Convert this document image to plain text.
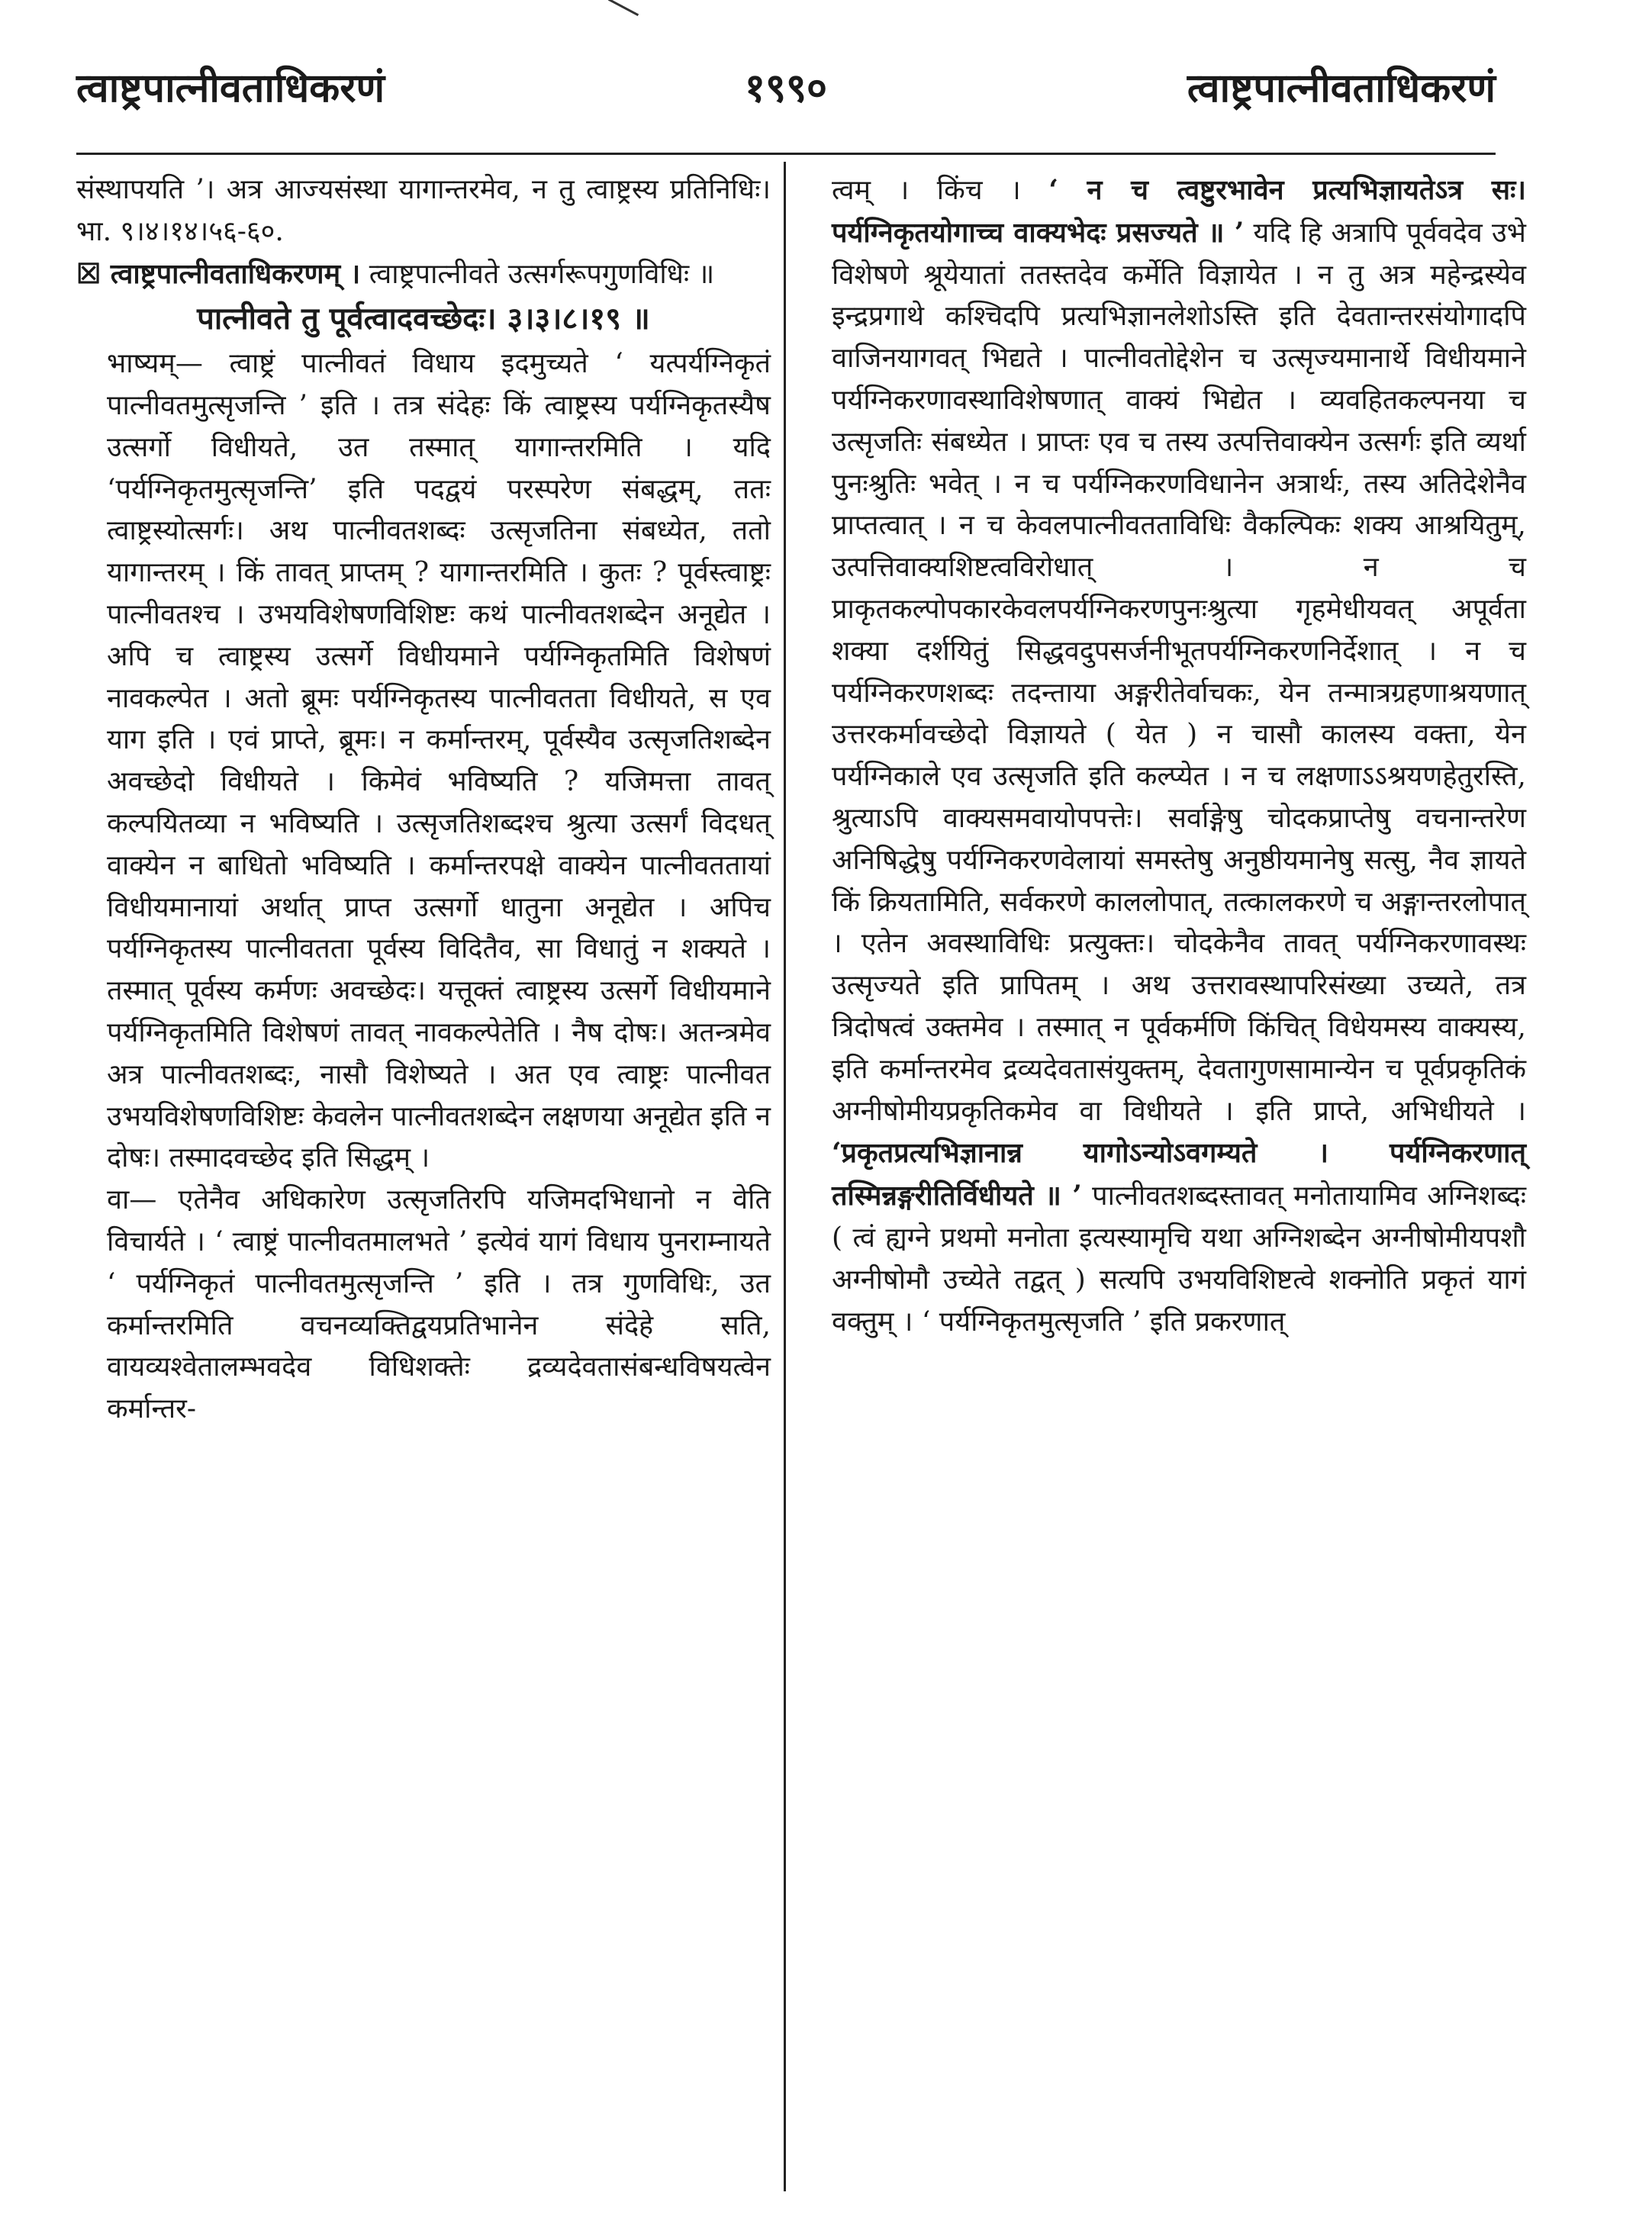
त्वाष्ट्रपात्नीवताधिकरणं	१९९०	त्वाष्ट्रपात्नीवताधिकरणं

संस्थापयति ’। अत्र आज्यसंस्था यागान्तरमेव, न तु त्वाष्ट्रस्य प्रतिनिधिः। भा. ९।४।१४।५६-६०.

☒ त्वाष्ट्रपात्नीवताधिकरणम् । त्वाष्ट्रपात्नीवते उत्सर्गरूपगुणविधिः ॥

पात्नीवते तु पूर्वत्वादवच्छेदः। ३।३।८।१९ ॥

भाष्यम्— त्वाष्ट्रं पात्नीवतं विधाय इदमुच्यते ‘ यत्पर्यग्निकृतं पात्नीवतमुत्सृजन्ति ’ इति । तत्र संदेहः किं त्वाष्ट्रस्य पर्यग्निकृतस्यैष उत्सर्गो विधीयते, उत तस्मात् यागान्तरमिति । यदि ‘पर्यग्निकृतमुत्सृजन्ति’ इति पदद्वयं परस्परेण संबद्धम्, ततः त्वाष्ट्रस्योत्सर्गः। अथ पात्नीवतशब्दः उत्सृजतिना संबध्येत, ततो यागान्तरम् । किं तावत् प्राप्तम् ? यागान्तरमिति । कुतः ? पूर्वस्त्वाष्ट्रः पात्नीवतश्च । उभयविशेषणविशिष्टः कथं पात्नीवतशब्देन अनूद्येत । अपि च त्वाष्ट्रस्य उत्सर्गे विधीयमाने पर्यग्निकृतमिति विशेषणं नावकल्पेत । अतो ब्रूमः पर्यग्निकृतस्य पात्नीवतता विधीयते, स एव याग इति । एवं प्राप्ते, ब्रूमः। न कर्मान्तरम्, पूर्वस्यैव उत्सृजतिशब्देन अवच्छेदो विधीयते । किमेवं भविष्यति ? यजिमत्ता तावत् कल्पयितव्या न भविष्यति । उत्सृजतिशब्दश्च श्रुत्या उत्सर्गं विदधत् वाक्येन न बाधितो भविष्यति । कर्मान्तरपक्षे वाक्येन पात्नीवततायां विधीयमानायां अर्थात् प्राप्त उत्सर्गो धातुना अनूद्येत । अपिच पर्यग्निकृतस्य पात्नीवतता पूर्वस्य विदितैव, सा विधातुं न शक्यते । तस्मात् पूर्वस्य कर्मणः अवच्छेदः। यत्तूक्तं त्वाष्ट्रस्य उत्सर्गे विधीयमाने पर्यग्निकृतमिति विशेषणं तावत् नावकल्पेतेति । नैष दोषः। अतन्त्रमेव अत्र पात्नीवतशब्दः, नासौ विशेष्यते । अत एव त्वाष्ट्रः पात्नीवत उभयविशेषणविशिष्टः केवलेन पात्नीवतशब्देन लक्षणया अनूद्येत इति न दोषः। तस्मादवच्छेद इति सिद्धम् ।

वा— एतेनैव अधिकारेण उत्सृजतिरपि यजिमदभिधानो न वेति विचार्यते । ‘ त्वाष्ट्रं पात्नीवतमालभते ’ इत्येवं यागं विधाय पुनराम्नायते ‘ पर्यग्निकृतं पात्नीवतमुत्सृजन्ति ’ इति । तत्र गुणविधिः, उत कर्मान्तरमिति वचनव्यक्तिद्वयप्रतिभानेन संदेहे सति, वायव्यश्वेतालम्भवदेव विधिशक्तेः द्रव्यदेवतासंबन्धविषयत्वेन कर्मान्तर-

त्वम् । किंच । ‘ न च त्वष्टुरभावेन प्रत्यभिज्ञायतेऽत्र सः। पर्यग्निकृतयोगाच्च वाक्यभेदः प्रसज्यते ॥ ’ यदि हि अत्रापि पूर्ववदेव उभे विशेषणे श्रूयेयातां ततस्तदेव कर्मेति विज्ञायेत । न तु अत्र महेन्द्रस्येव इन्द्रप्रगाथे कश्चिदपि प्रत्यभिज्ञानलेशोऽस्ति इति देवतान्तरसंयोगादपि वाजिनयागवत् भिद्यते । पात्नीवतोद्देशेन च उत्सृज्यमानार्थे विधीयमाने पर्यग्निकरणावस्थाविशेषणात् वाक्यं भिद्येत । व्यवहितकल्पनया च उत्सृजतिः संबध्येत । प्राप्तः एव च तस्य उत्पत्तिवाक्येन उत्सर्गः इति व्यर्था पुनःश्रुतिः भवेत् । न च पर्यग्निकरणविधानेन अत्रार्थः, तस्य अतिदेशेनैव प्राप्तत्वात् । न च केवलपात्नीवतताविधिः वैकल्पिकः शक्य आश्रयितुम्, उत्पत्तिवाक्यशिष्टत्वविरोधात् । न च प्राकृतकल्पोपकारकेवलपर्यग्निकरणपुनःश्रुत्या गृहमेधीयवत् अपूर्वता शक्या दर्शयितुं सिद्धवदुपसर्जनीभूतपर्यग्निकरणनिर्देशात् । न च पर्यग्निकरणशब्दः तदन्ताया अङ्गरीतेर्वाचकः, येन तन्मात्रग्रहणाश्रयणात् उत्तरकर्मावच्छेदो विज्ञायते ( येत ) न चासौ कालस्य वक्ता, येन पर्यग्निकाले एव उत्सृजति इति कल्प्येत । न च लक्षणाऽऽश्रयणहेतुरस्ति, श्रुत्याऽपि वाक्यसमवायोपपत्तेः। सर्वाङ्गेषु चोदकप्राप्तेषु वचनान्तरेण अनिषिद्धेषु पर्यग्निकरणवेलायां समस्तेषु अनुष्ठीयमानेषु सत्सु, नैव ज्ञायते किं क्रियतामिति, सर्वकरणे काललोपात्, तत्कालकरणे च अङ्गान्तरलोपात् । एतेन अवस्थाविधिः प्रत्युक्तः। चोदकेनैव तावत् पर्यग्निकरणावस्थः उत्सृज्यते इति प्रापितम् । अथ उत्तरावस्थापरिसंख्या उच्यते, तत्र त्रिदोषत्वं उक्तमेव । तस्मात् न पूर्वकर्मणि किंचित् विधेयमस्य वाक्यस्य, इति कर्मान्तरमेव द्रव्यदेवतासंयुक्तम्, देवतागुणसामान्येन च पूर्वप्रकृतिकं अग्नीषोमीयप्रकृतिकमेव वा विधीयते । इति प्राप्ते, अभिधीयते । ‘प्रकृतप्रत्यभिज्ञानान्न यागोऽन्योऽवगम्यते । पर्यग्निकरणात् तस्मिन्नङ्गरीतिर्विधीयते ॥ ’ पात्नीवतशब्दस्तावत् मनोतायामिव अग्निशब्दः ( त्वं ह्यग्ने प्रथमो मनोता इत्यस्यामृचि यथा अग्निशब्देन अग्नीषोमीयपशौ अग्नीषोमौ उच्येते तद्वत् ) सत्यपि उभयविशिष्टत्वे शक्नोति प्रकृतं यागं वक्तुम् । ‘ पर्यग्निकृतमुत्सृजति ’ इति प्रकरणात्
